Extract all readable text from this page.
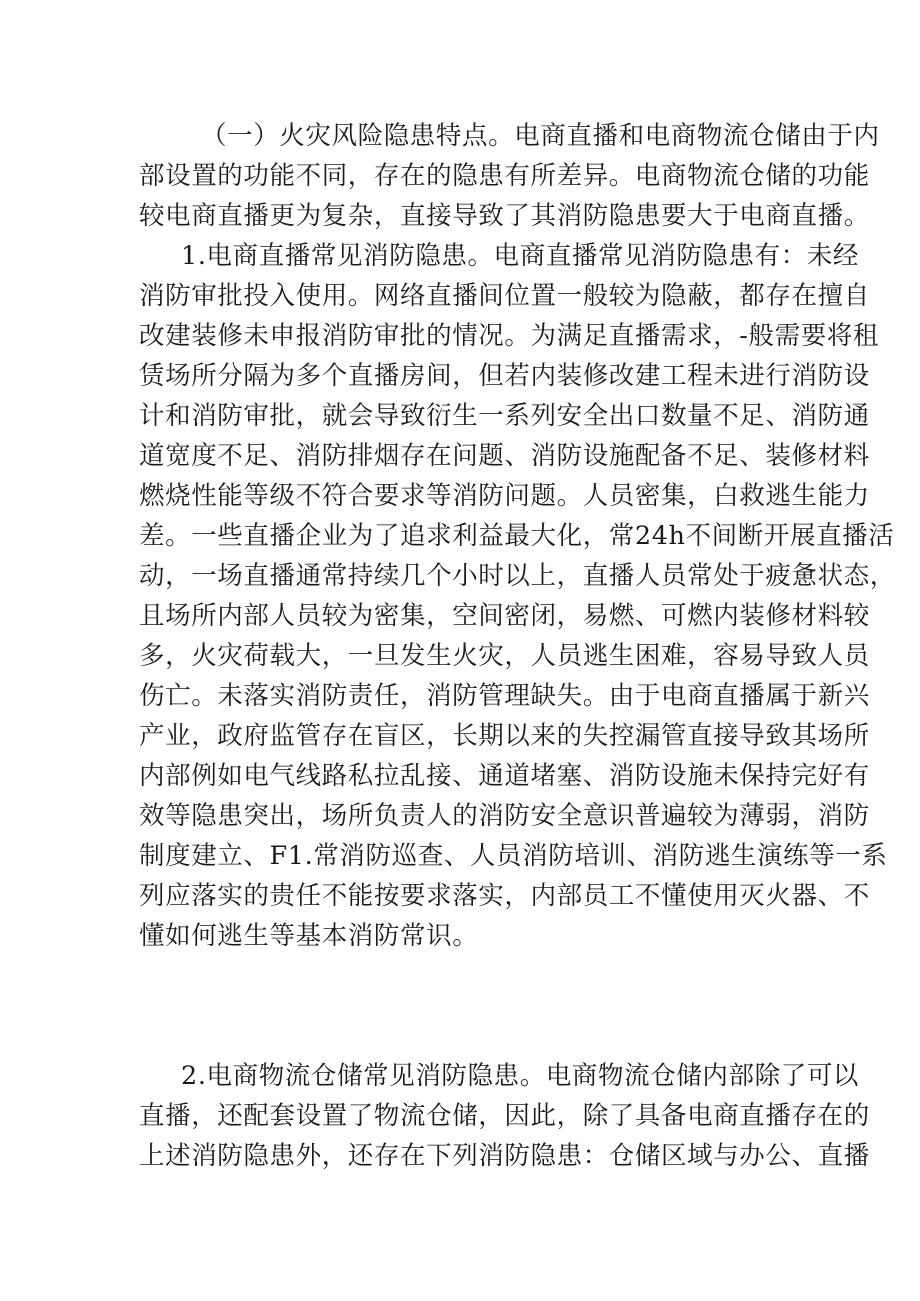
（一）火灾风险隐患特点。电商直播和电商物流仓储由于内
部设置的功能不同，存在的隐患有所差异。电商物流仓储的功能
较电商直播更为复杂，直接导致了其消防隐患要大于电商直播。
1.电商直播常见消防隐患。电商直播常见消防隐患有：未经
消防审批投入使用。网络直播间位置一般较为隐蔽，都存在擅自
改建装修未申报消防审批的情况。为满足直播需求，-般需要将租
赁场所分隔为多个直播房间，但若内装修改建工程未进行消防设
计和消防审批，就会导致衍生一系列安全出口数量不足、消防通
道宽度不足、消防排烟存在问题、消防设施配备不足、装修材料
燃烧性能等级不符合要求等消防问题。人员密集，白救逃生能力
差。一些直播企业为了追求利益最大化，常24h不间断开展直播活
动，一场直播通常持续几个小时以上，直播人员常处于疲惫状态，
且场所内部人员较为密集，空间密闭，易燃、可燃内装修材料较
多，火灾荷载大，一旦发生火灾，人员逃生困难，容易导致人员
伤亡。未落实消防责任，消防管理缺失。由于电商直播属于新兴
产业，政府监管存在盲区，长期以来的失控漏管直接导致其场所
内部例如电气线路私拉乱接、通道堵塞、消防设施未保持完好有
效等隐患突出，场所负责人的消防安全意识普遍较为薄弱，消防
制度建立、F1.常消防巡查、人员消防培训、消防逃生演练等一系
列应落实的贵任不能按要求落实，内部员工不懂使用灭火器、不
懂如何逃生等基本消防常识。
2.电商物流仓储常见消防隐患。电商物流仓储内部除了可以
直播，还配套设置了物流仓储，因此，除了具备电商直播存在的
上述消防隐患外，还存在下列消防隐患：仓储区域与办公、直播
